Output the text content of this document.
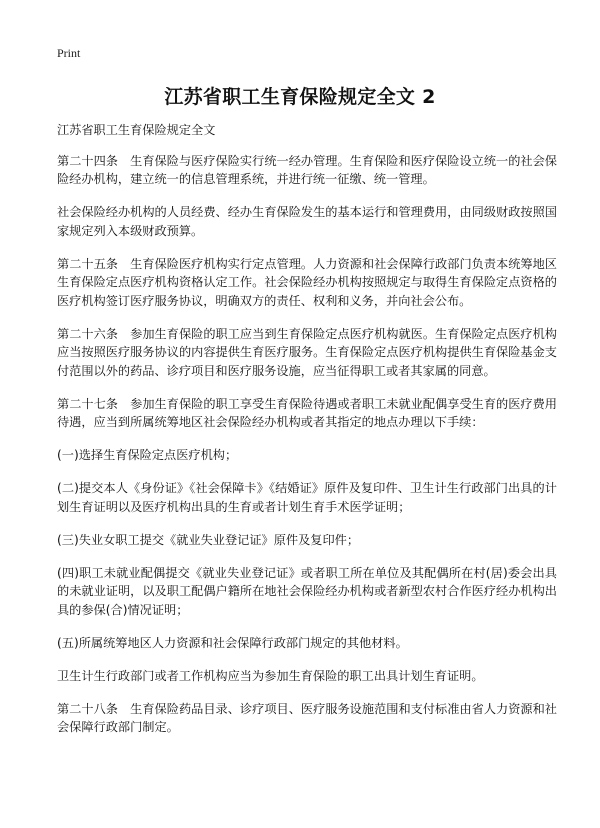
Print
江苏省职工生育保险规定全文 2

江苏省职工生育保险规定全文

第二十四条　生育保险与医疗保险实行统一经办管理。生育保险和医疗保险设立统一的社会保险经办机构，建立统一的信息管理系统，并进行统一征缴、统一管理。

社会保险经办机构的人员经费、经办生育保险发生的基本运行和管理费用，由同级财政按照国家规定列入本级财政预算。

第二十五条　生育保险医疗机构实行定点管理。人力资源和社会保障行政部门负责本统筹地区生育保险定点医疗机构资格认定工作。社会保险经办机构按照规定与取得生育保险定点资格的医疗机构签订医疗服务协议，明确双方的责任、权利和义务，并向社会公布。

第二十六条　参加生育保险的职工应当到生育保险定点医疗机构就医。生育保险定点医疗机构应当按照医疗服务协议的内容提供生育医疗服务。生育保险定点医疗机构提供生育保险基金支付范围以外的药品、诊疗项目和医疗服务设施，应当征得职工或者其家属的同意。

第二十七条　参加生育保险的职工享受生育保险待遇或者职工未就业配偶享受生育的医疗费用待遇，应当到所属统筹地区社会保险经办机构或者其指定的地点办理以下手续：

(一)选择生育保险定点医疗机构；

(二)提交本人《身份证》《社会保障卡》《结婚证》原件及复印件、卫生计生行政部门出具的计划生育证明以及医疗机构出具的生育或者计划生育手术医学证明；

(三)失业女职工提交《就业失业登记证》原件及复印件；

(四)职工未就业配偶提交《就业失业登记证》或者职工所在单位及其配偶所在村(居)委会出具的未就业证明，以及职工配偶户籍所在地社会保险经办机构或者新型农村合作医疗经办机构出具的参保(合)情况证明；

(五)所属统筹地区人力资源和社会保障行政部门规定的其他材料。

卫生计生行政部门或者工作机构应当为参加生育保险的职工出具计划生育证明。

第二十八条　生育保险药品目录、诊疗项目、医疗服务设施范围和支付标准由省人力资源和社会保障行政部门制定。
